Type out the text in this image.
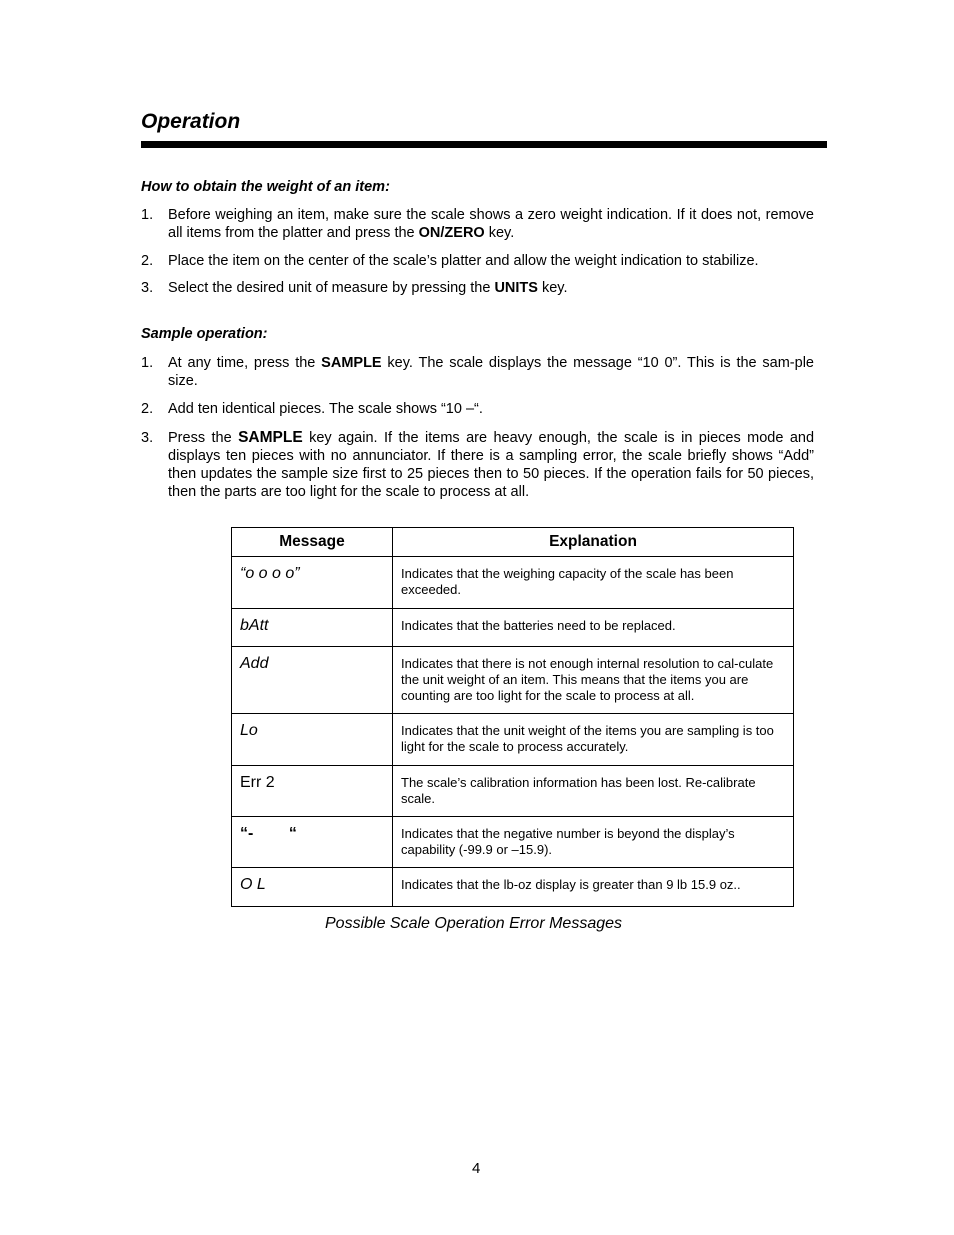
Operation
How to obtain the weight of an item:

1. Before weighing an item, make sure the scale shows a zero weight indication. If it does not, remove all items from the platter and press the ON/ZERO key.

2. Place the item on the center of the scale’s platter and allow the weight indication to stabilize.

3. Select the desired unit of measure by pressing the UNITS key.

Sample operation:

1. At any time, press the SAMPLE key. The scale displays the message “10 0”. This is the sam-ple size.

2. Add ten identical pieces. The scale shows “10 –“.

3. Press the SAMPLE key again. If the items are heavy enough, the scale is in pieces mode and displays ten pieces with no annunciator. If there is a sampling error, the scale briefly shows “Add” then updates the sample size first to 25 pieces then to 50 pieces. If the operation fails for 50 pieces, then the parts are too light for the scale to process at all.

Message	Explanation
“o o o o”	Indicates that the weighing capacity of the scale has been exceeded.
bAtt	Indicates that the batteries need to be replaced.
Add	Indicates that there is not enough internal resolution to cal-culate the unit weight of an item. This means that the items you are counting are too light for the scale to process at all.
Lo	Indicates that the unit weight of the items you are sampling is too light for the scale to process accurately.
Err 2	The scale’s calibration information has been lost. Re-calibrate scale.
“-        “	Indicates that the negative number is beyond the display’s capability (-99.9 or –15.9).
O L	Indicates that the lb-oz display is greater than 9 lb 15.9 oz..
Possible Scale Operation Error Messages
4
